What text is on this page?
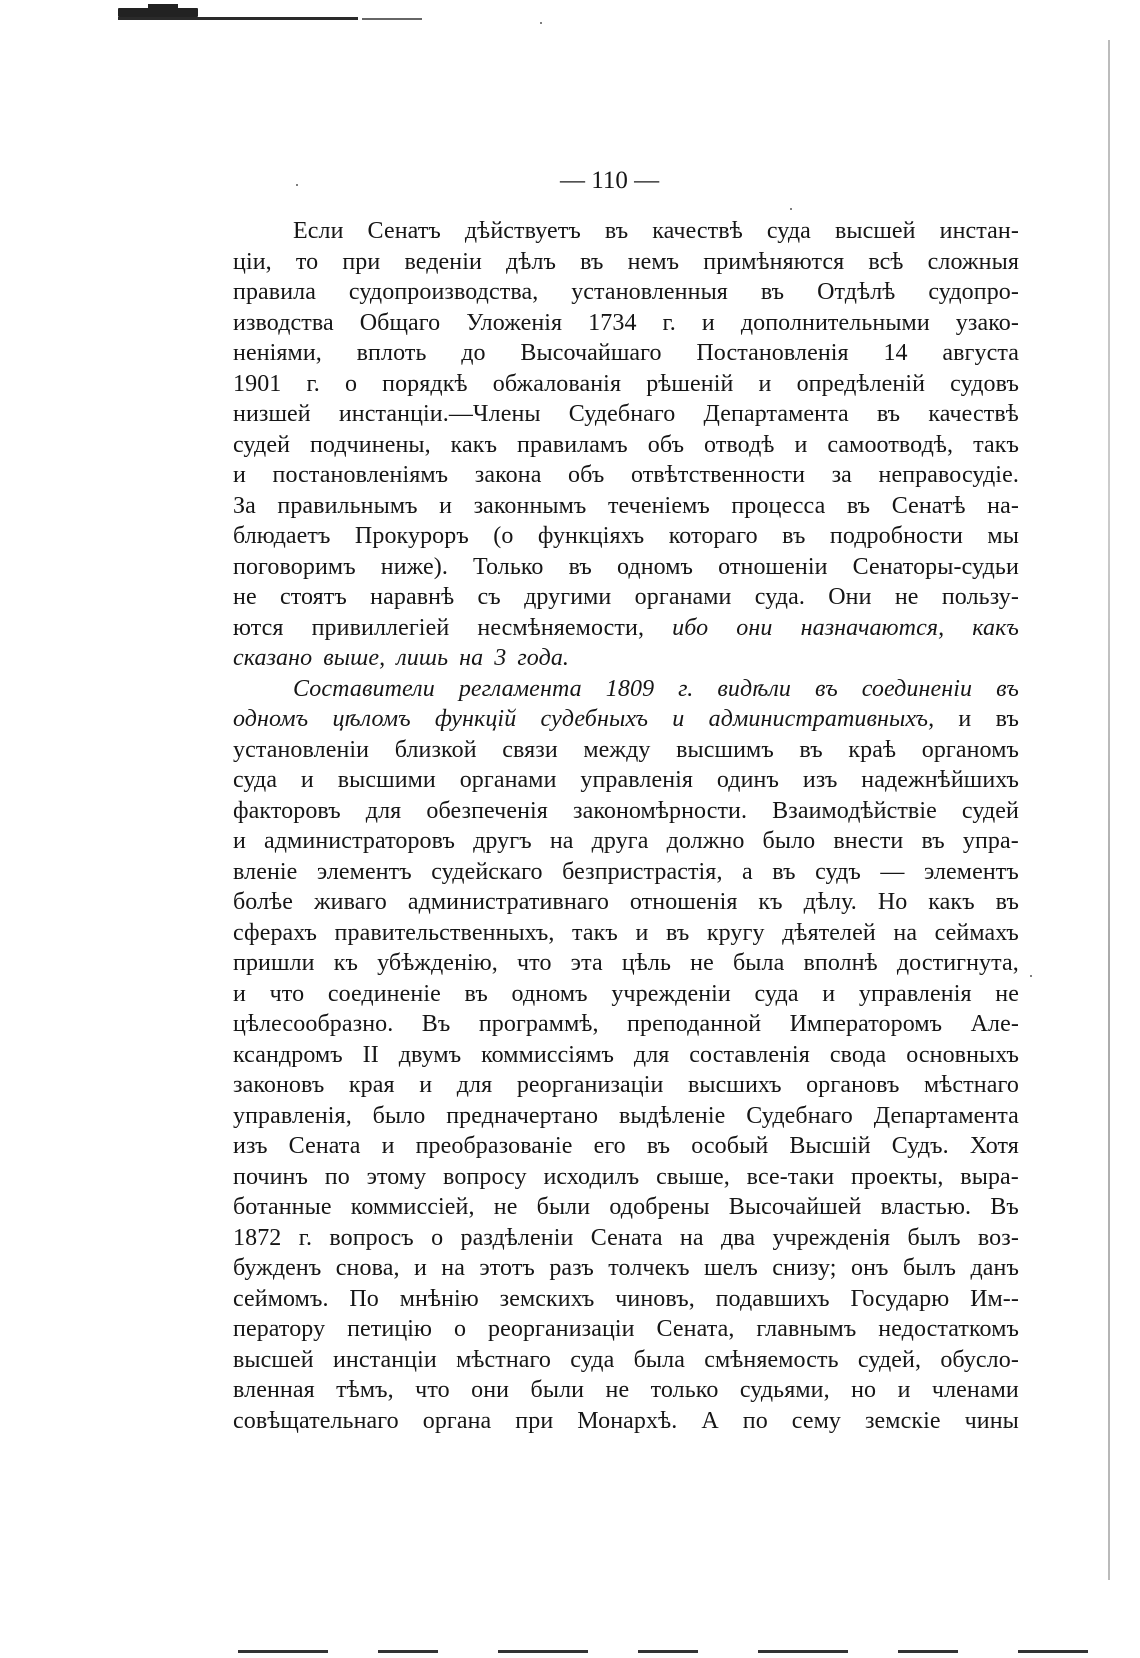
— 110 —
Если Сенатъ дѣйствуетъ въ качествѣ суда высшей инстан-
ціи, то при веденіи дѣлъ въ немъ примѣняются всѣ сложныя
правила судопроизводства, установленныя въ Отдѣлѣ судопро-
изводства Общаго Уложенія 1734 г. и дополнительными узако-
неніями, вплоть до Высочайшаго Постановленія 14 августа
1901 г. о порядкѣ обжалованія рѣшеній и опредѣленій судовъ
низшей инстанціи.—Члены Судебнаго Департамента въ качествѣ
судей подчинены, какъ правиламъ объ отводѣ и самоотводѣ, такъ
и постановленіямъ закона объ отвѣтственности за неправосудіе.
За правильнымъ и законнымъ теченіемъ процесса въ Сенатѣ на-
блюдаетъ Прокуроръ (о функціяхъ котораго въ подробности мы
поговоримъ ниже). Только въ одномъ отношеніи Сенаторы-судьи
не стоятъ наравнѣ съ другими органами суда. Они не пользу-
ются привиллегіей несмѣняемости, ибо они назначаются, какъ
сказано выше, лишь на 3 года.
Составители регламента 1809 г. видѣли въ соединеніи въ
одномъ цѣломъ функцій судебныхъ и административныхъ, и въ
установленіи близкой связи между высшимъ въ краѣ органомъ
суда и высшими органами управленія одинъ изъ надежнѣйшихъ
факторовъ для обезпеченія закономѣрности. Взаимодѣйствіе судей
и администраторовъ другъ на друга должно было внести въ упра-
вленіе элементъ судейскаго безпристрастія, а въ судъ — элементъ
болѣе живаго административнаго отношенія къ дѣлу. Но какъ въ
сферахъ правительственныхъ, такъ и въ кругу дѣятелей на сеймахъ
пришли къ убѣжденію, что эта цѣль не была вполнѣ достигнута,
и что соединеніе въ одномъ учрежденіи суда и управленія не
цѣлесообразно. Въ программѣ, преподанной Императоромъ Але-
ксандромъ II двумъ коммиссіямъ для составленія свода основныхъ
законовъ края и для реорганизаціи высшихъ органовъ мѣстнаго
управленія, было предначертано выдѣленіе Судебнаго Департамента
изъ Сената и преобразованіе его въ особый Высшій Судъ. Хотя
починъ по этому вопросу исходилъ свыше, все-таки проекты, выра-
ботанные коммиссіей, не были одобрены Высочайшей властью. Въ
1872 г. вопросъ о раздѣленіи Сената на два учрежденія былъ воз-
бужденъ снова, и на этотъ разъ толчекъ шелъ снизу; онъ былъ данъ
сеймомъ. По мнѣнію земскихъ чиновъ, подавшихъ Государю Им--
ператору петицію о реорганизаціи Сената, главнымъ недостаткомъ
высшей инстанціи мѣстнаго суда была смѣняемость судей, обусло-
вленная тѣмъ, что они были не только судьями, но и членами
совѣщательнаго органа при Монархѣ. А по сему земскіе чины
